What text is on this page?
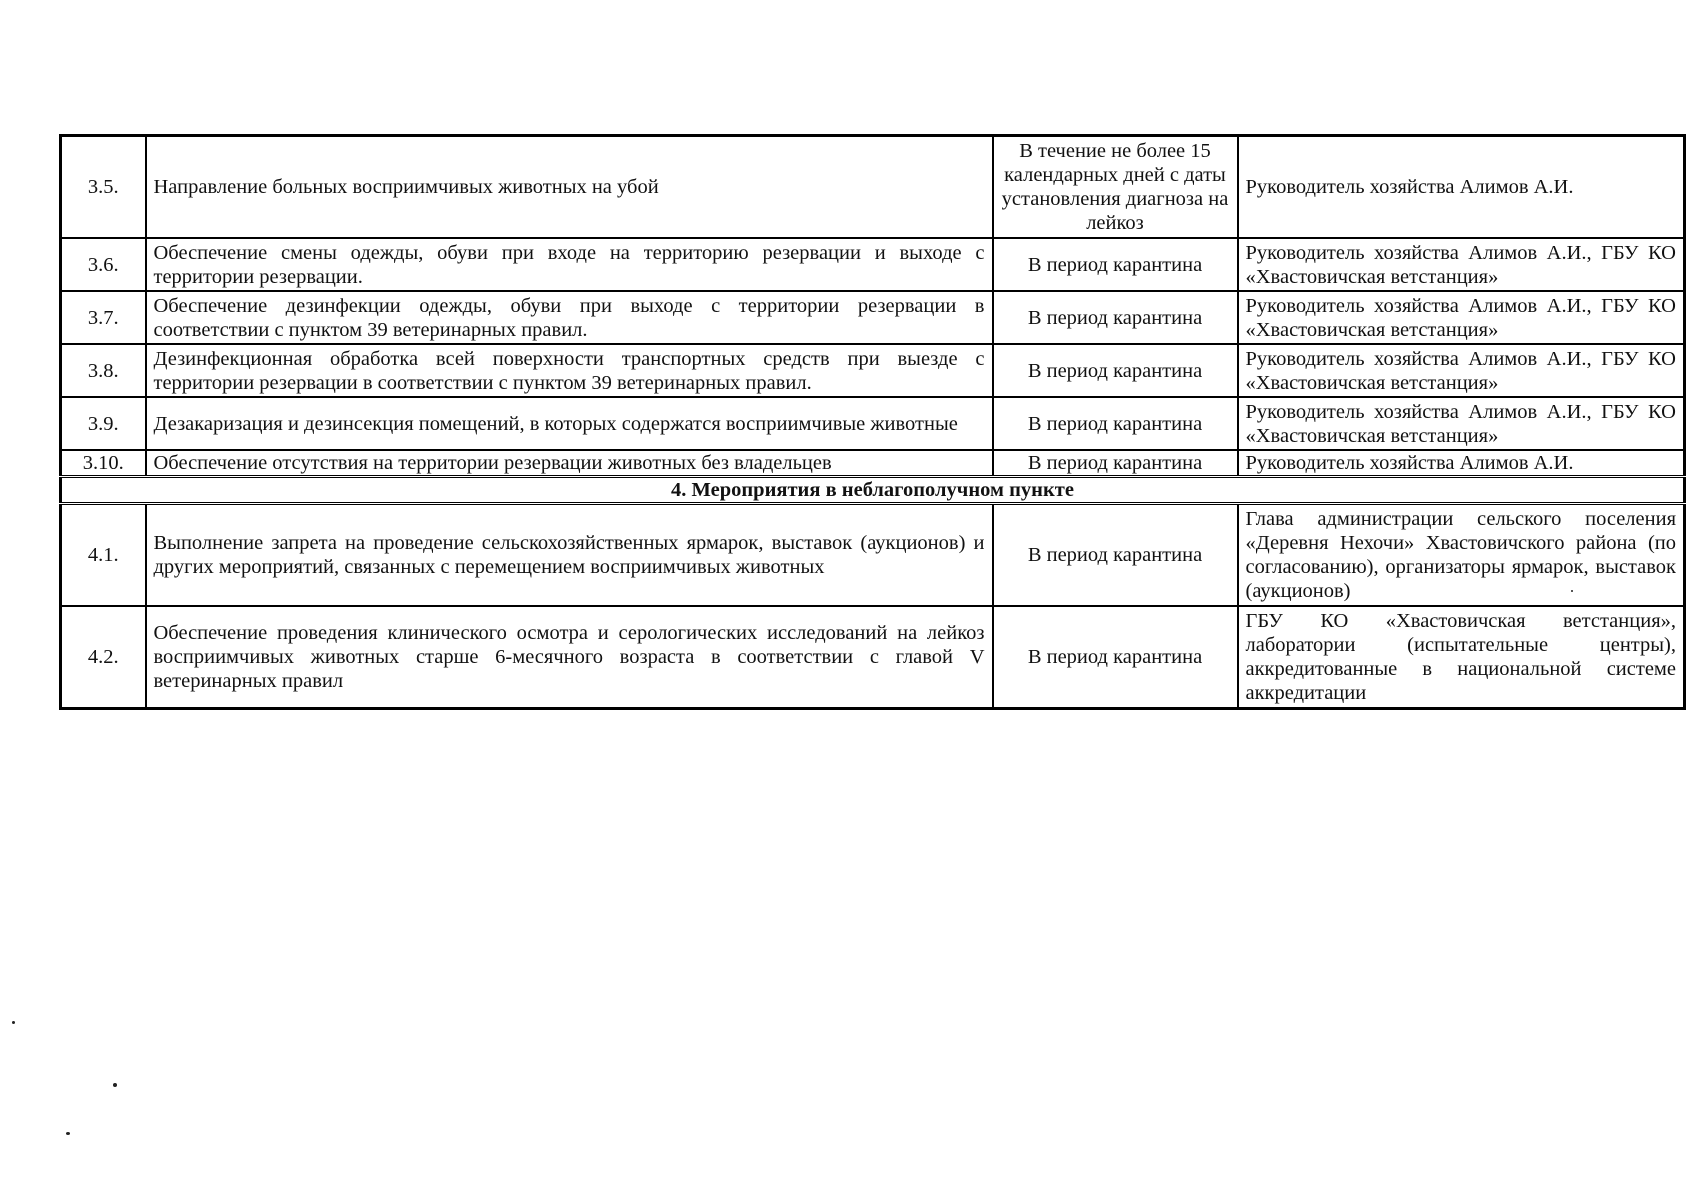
3.5.	Направление больных восприимчивых животных на убой	В течение не более 15 календарных дней с даты установления диагноза на лейкоз	Руководитель хозяйства Алимов А.И.
3.6.	Обеспечение смены одежды, обуви при входе на территорию резервации и выходе с территории резервации.	В период карантина	Руководитель хозяйства Алимов А.И., ГБУ КО «Хвастовичская ветстанция»
3.7.	Обеспечение дезинфекции одежды, обуви при выходе с территории резервации в соответствии с пунктом 39 ветеринарных правил.	В период карантина	Руководитель хозяйства Алимов А.И., ГБУ КО «Хвастовичская ветстанция»
3.8.	Дезинфекционная обработка всей поверхности транспортных средств при выезде с территории резервации в соответствии с пунктом 39 ветеринарных правил.	В период карантина	Руководитель хозяйства Алимов А.И., ГБУ КО «Хвастовичская ветстанция»
3.9.	Дезакаризация и дезинсекция помещений, в которых содержатся восприимчивые животные	В период карантина	Руководитель хозяйства Алимов А.И., ГБУ КО «Хвастовичская ветстанция»
3.10.	Обеспечение отсутствия на территории резервации животных без владельцев	В период карантина	Руководитель хозяйства Алимов А.И.
4. Мероприятия в неблагополучном пункте			
4.1.	Выполнение запрета на проведение сельскохозяйственных ярмарок, выставок (аукционов) и других мероприятий, связанных с перемещением восприимчивых животных	В период карантина	Глава администрации сельского поселения «Деревня Нехочи» Хвастовичского района (по согласованию), организаторы ярмарок, выставок (аукционов)
4.2.	Обеспечение проведения клинического осмотра и серологических исследований на лейкоз восприимчивых животных старше 6-месячного возраста в соответствии с главой V ветеринарных правил	В период карантина	ГБУ КО «Хвастовичская ветстанция», лаборатории (испытательные центры), аккредитованные в национальной системе аккредитации
